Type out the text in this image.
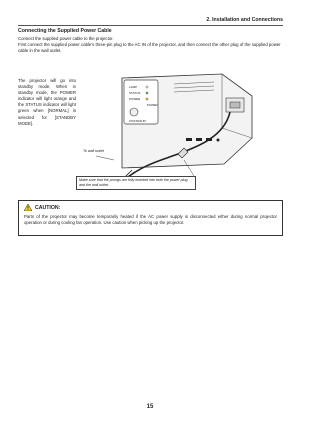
2. Installation and Connections
Connecting the Supplied Power Cable

Connect the supplied power cable to the projector.

First connect the supplied power cable's three-pin plug to the AC IN of the projector, and then connect the other plug of the supplied power cable in the wall outlet.

The projector will go into standby mode. When in standby mode, the POWER indicator will light orange and the STATUS indicator will light green when [NORMAL] is selected for [STANDBY MODE].
LAMP
STATUS
POWER
POWER
ON/STAND BY
To wall outlet
Make sure that the prongs are fully inserted into both the power plug and the wall outlet.
CAUTION:
Parts of the projector may become temporarily heated if the AC power supply is disconnected either during normal projector operation or during cooling fan operation. Use caution when picking up the projector.
15
